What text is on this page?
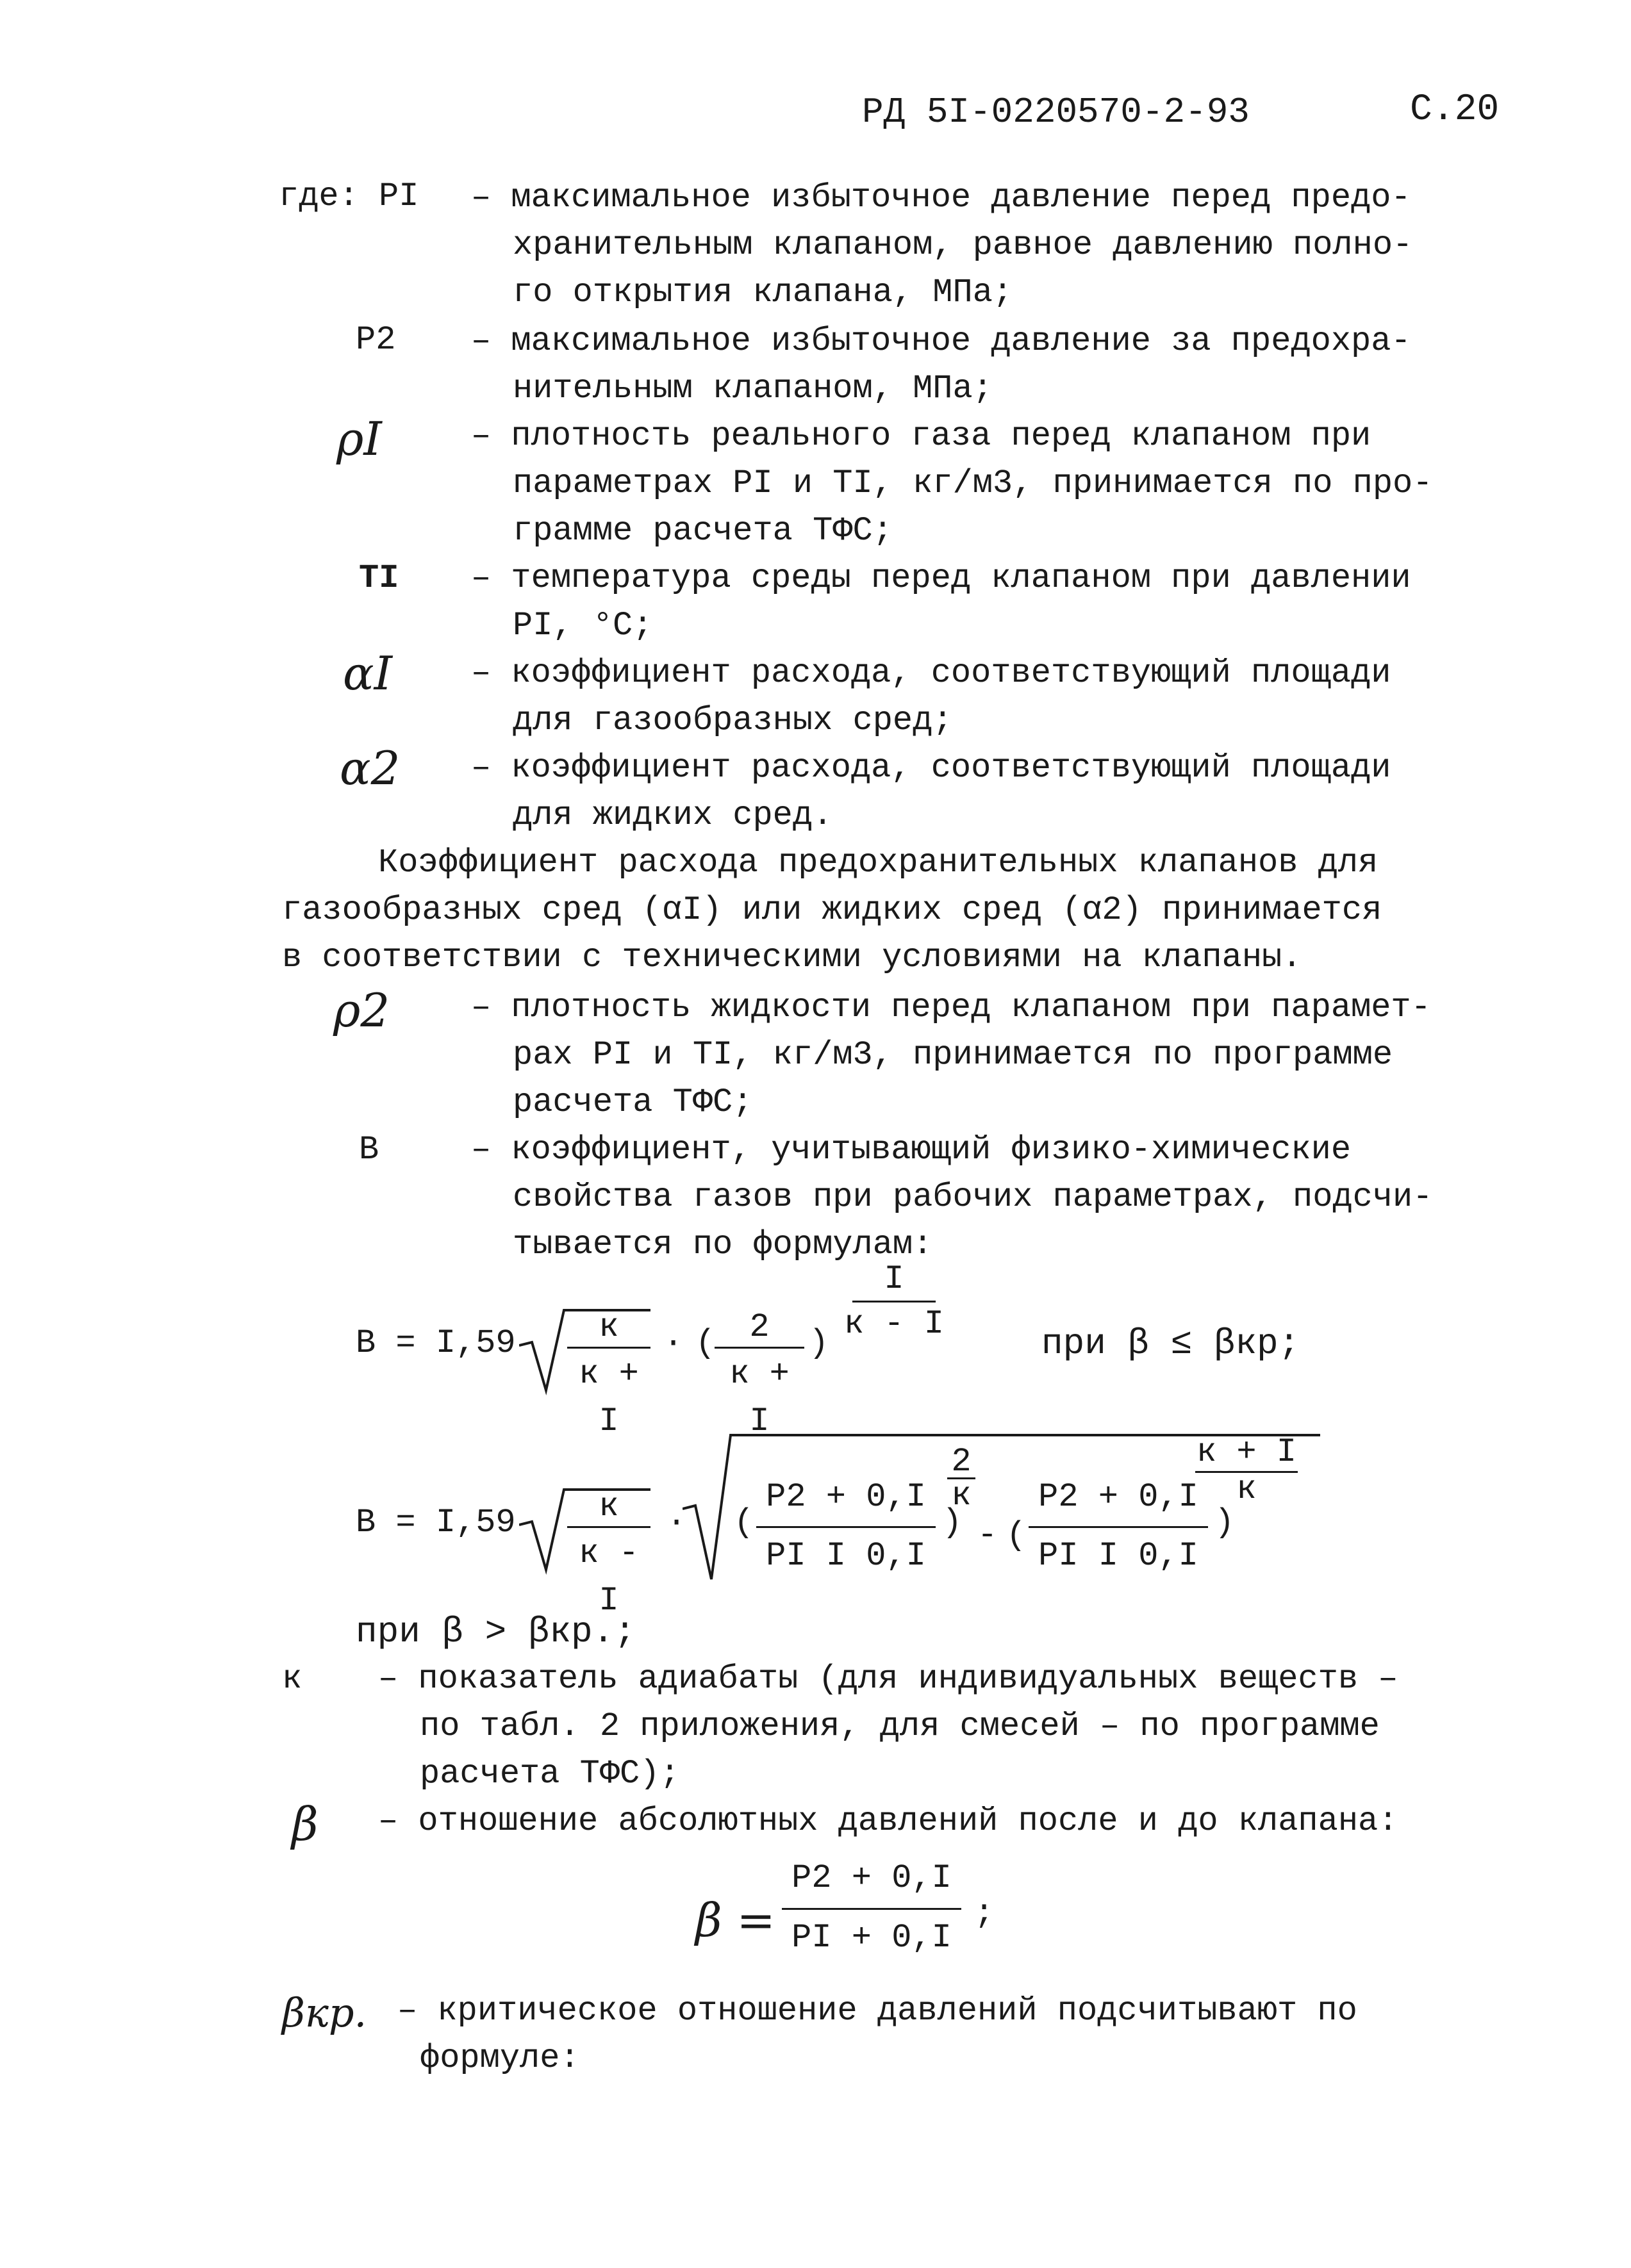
РД 5I-0220570-2-93	С.20
где: PI – максимальное избыточное давление перед предо-
хранительным клапаном, равное давлению полно-
го открытия клапана, МПа;
P2 – максимальное избыточное давление за предохра-
нительным клапаном, МПа;
ρI	– плотность реального газа перед клапаном при
параметрах PI и TI, кг/м3, принимается по про-
грамме расчета ТФС;
TI – температура среды перед клапаном при давлении
PI, °С;
αI – коэффициент расхода, соответствующий площади
для газообразных сред;
α2 – коэффициент расхода, соответствующий площади
для жидких сред.
Коэффициент расхода предохранительных клапанов для
газообразных сред (αI) или жидких сред (α2) принимается
в соответствии с техническими условиями на клапаны.
ρ2 – плотность жидкости перед клапаном при парамет-
рах PI и TI, кг/м3, принимается по программе
расчета ТФС;
B	– коэффициент, учитывающий физико-химические
свойства газов при рабочих параметрах, подсчи-
тывается по формулам:
B = I,59	к
к + I
· (	2
к + I
)
I
к - I	при β ≤ βкр;
B = I,59	к
к - I
· (
P2 + 0,I
PI I 0,I
)
2
к
- (
P2 + 0,I
PI I 0,I
)
к + I
к
при β > βкр.;
к – показатель адиабаты (для индивидуальных веществ –
по табл. 2 приложения, для смесей – по программе
расчета ТФС);
β – отношение абсолютных давлений после и до клапана:
β =
P2 + 0,I
PI + 0,I
;
βкр. – критическое отношение давлений подсчитывают по
формуле:
